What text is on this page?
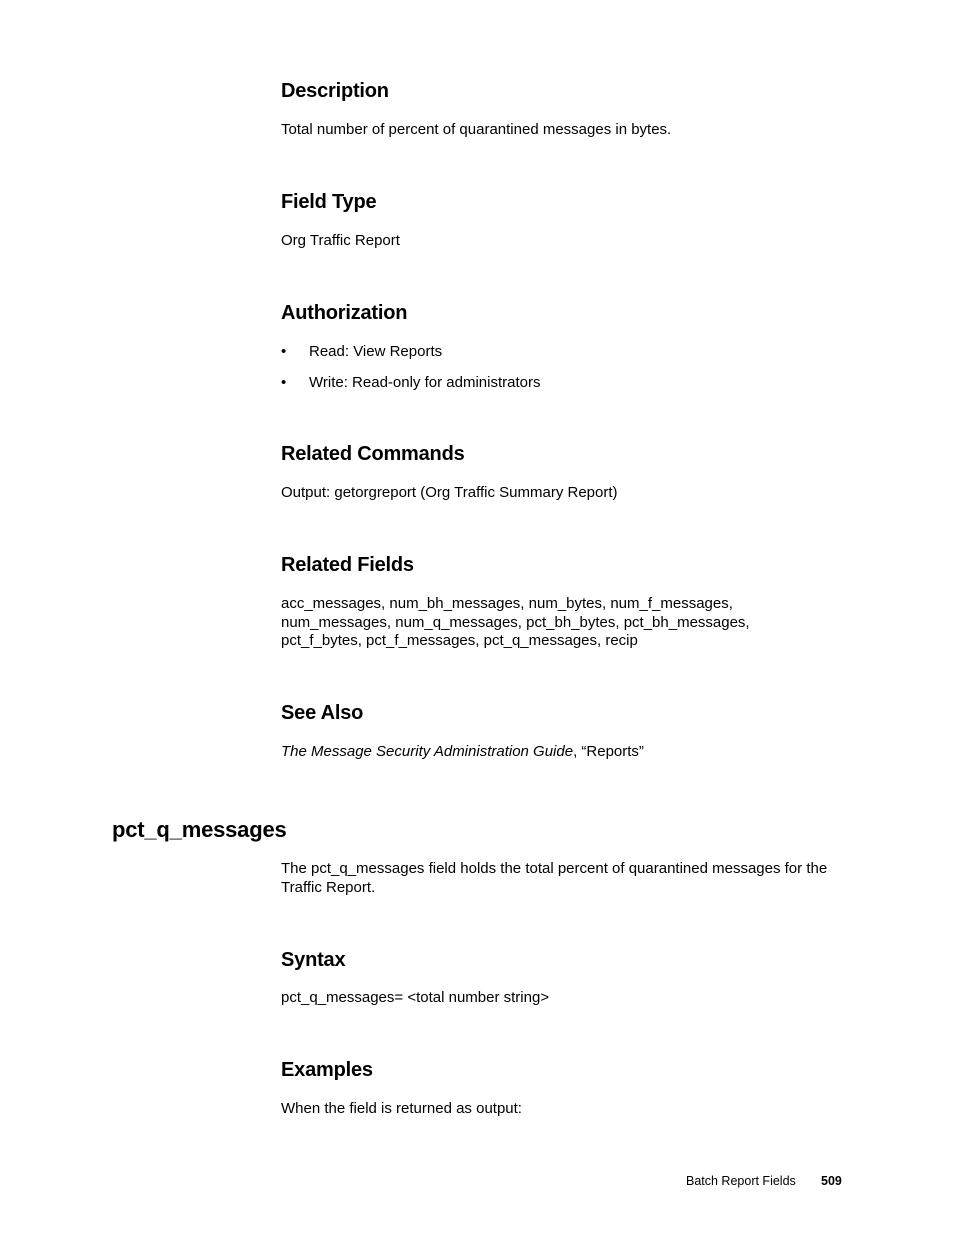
Description

Total number of percent of quarantined messages in bytes.

Field Type

Org Traffic Report

Authorization
• Read: View Reports
• Write: Read-only for administrators
Related Commands

Output: getorgreport (Org Traffic Summary Report)

Related Fields

acc_messages, num_bh_messages, num_bytes, num_f_messages, num_messages, num_q_messages, pct_bh_bytes, pct_bh_messages, pct_f_bytes, pct_f_messages, pct_q_messages, recip

See Also

The Message Security Administration Guide, “Reports”

pct_q_messages

The pct_q_messages field holds the total percent of quarantined messages for the Traffic Report.

Syntax

pct_q_messages= <total number string>

Examples

When the field is returned as output:

Batch Report Fields 509
